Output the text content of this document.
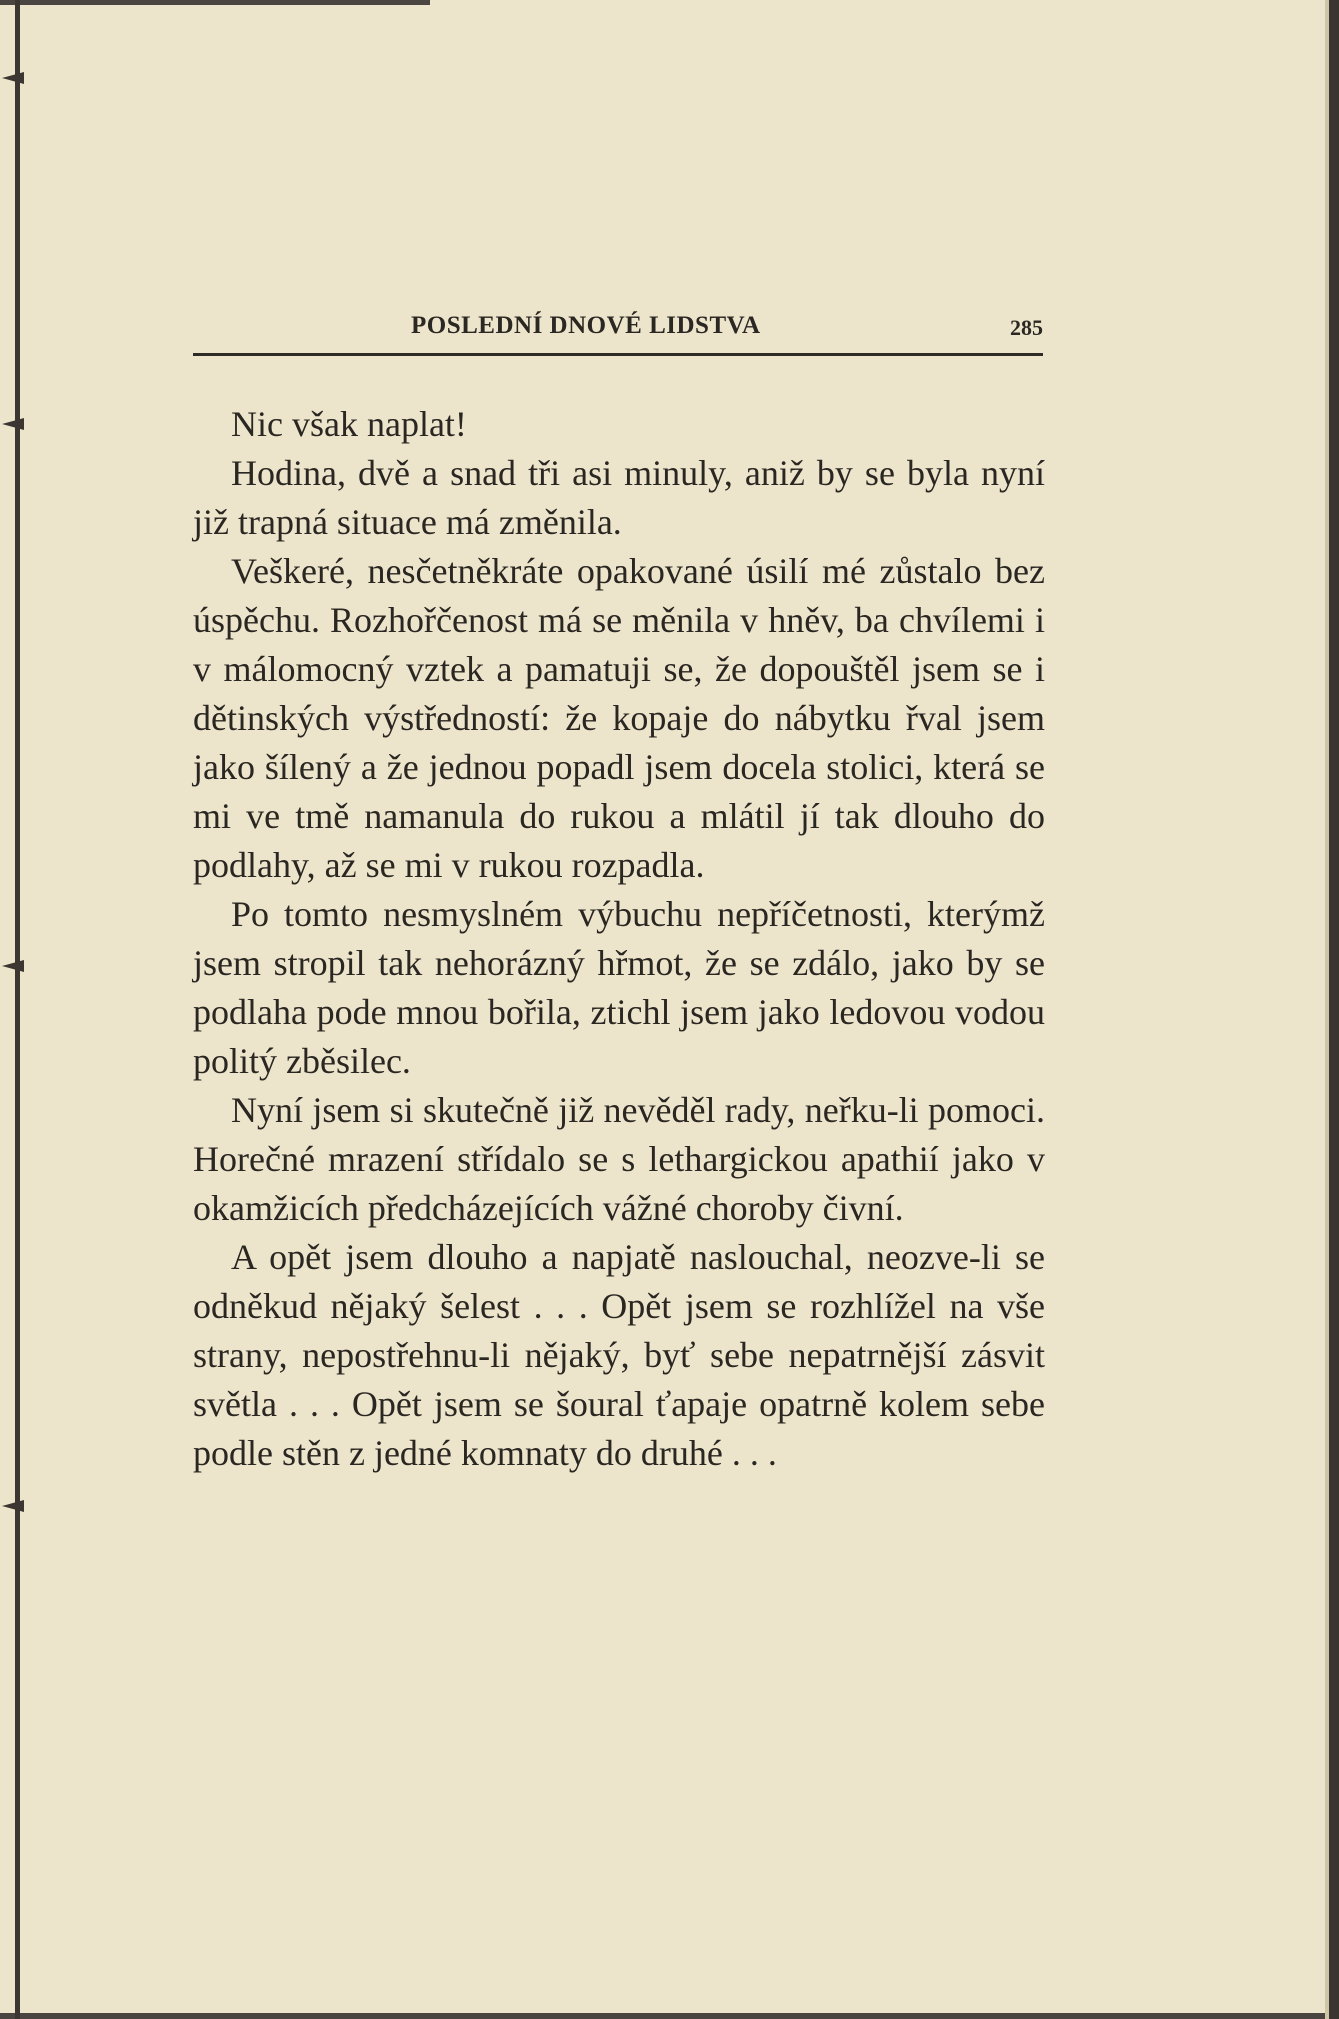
POSLEDNÍ DNOVÉ LIDSTVA	285

Nic však naplat!

Hodina, dvě a snad tři asi minuly, aniž by se byla nyní již trapná situace má změnila.

Veškeré, nesčetněkráte opakované úsilí mé zůstalo bez úspěchu. Rozhořčenost má se měnila v hněv, ba chvílemi i v málomocný vztek a pamatuji se, že dopouštěl jsem se i dětinských výstředností: že kopaje do nábytku řval jsem jako šílený a že jednou popadl jsem docela stolici, která se mi ve tmě namanula do rukou a mlátil jí tak dlouho do podlahy, až se mi v rukou rozpadla.

Po tomto nesmyslném výbuchu nepříčetnosti, kterýmž jsem stropil tak nehorázný hřmot, že se zdálo, jako by se podlaha pode mnou bořila, ztichl jsem jako ledovou vodou politý zběsilec.

Nyní jsem si skutečně již nevěděl rady, neřku-li pomoci. Horečné mrazení střídalo se s lethargickou apathií jako v okamžicích předcházejících vážné choroby čivní.

A opět jsem dlouho a napjatě naslouchal, neozve-li se odněkud nějaký šelest . . . Opět jsem se rozhlížel na vše strany, nepostřehnu-li nějaký, byť sebe nepatrnější zásvit světla . . . Opět jsem se šoural ťapaje opatrně kolem sebe podle stěn z jedné komnaty do druhé . . .
